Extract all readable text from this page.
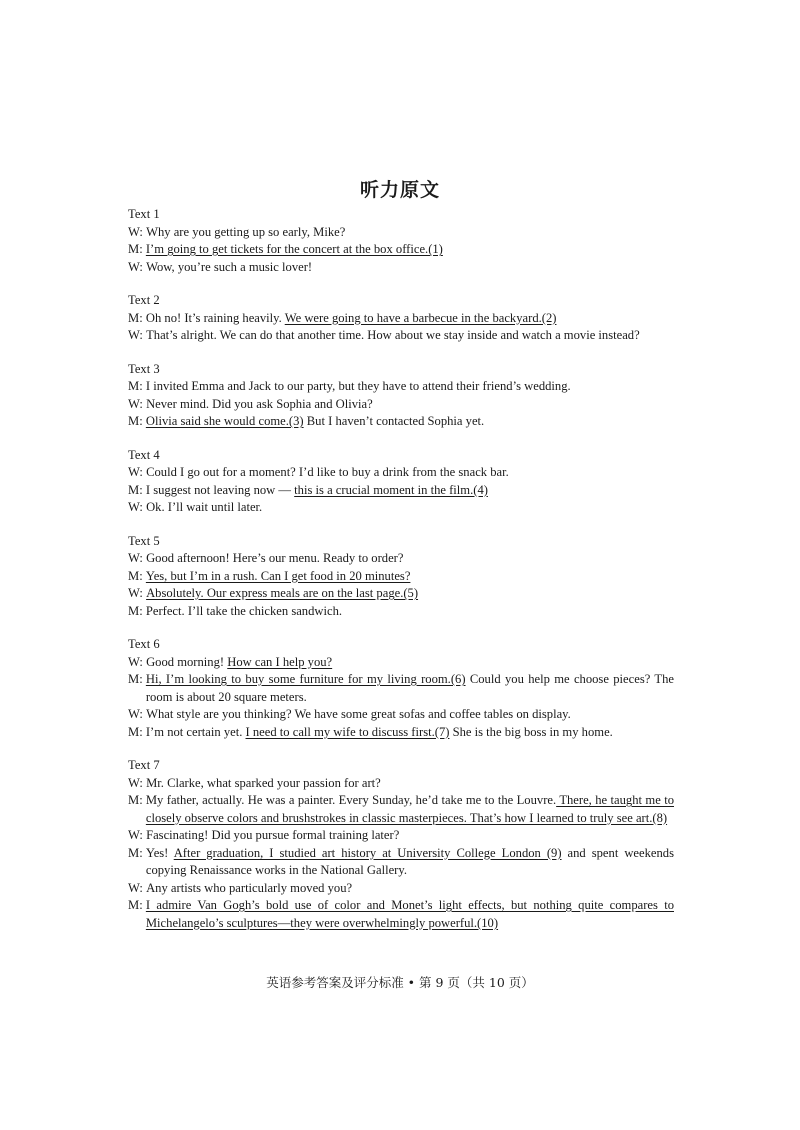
听力原文

Text 1

W: Why are you getting up so early, Mike?
M: I’m going to get tickets for the concert at the box office.(1)
W: Wow, you’re such a music lover!

Text 2

M: Oh no! It’s raining heavily. We were going to have a barbecue in the backyard.(2)
W: That’s alright. We can do that another time. How about we stay inside and watch a movie instead?

Text 3

M: I invited Emma and Jack to our party, but they have to attend their friend’s wedding.
W: Never mind. Did you ask Sophia and Olivia?
M: Olivia said she would come.(3) But I haven’t contacted Sophia yet.

Text 4

W: Could I go out for a moment? I’d like to buy a drink from the snack bar.
M: I suggest not leaving now — this is a crucial moment in the film.(4)
W: Ok. I’ll wait until later.

Text 5

W: Good afternoon! Here’s our menu. Ready to order?
M: Yes, but I’m in a rush. Can I get food in 20 minutes?
W: Absolutely. Our express meals are on the last page.(5)
M: Perfect. I’ll take the chicken sandwich.

Text 6

W: Good morning! How can I help you?
M: Hi, I’m looking to buy some furniture for my living room.(6) Could you help me choose pieces? The room is about 20 square meters.
W: What style are you thinking? We have some great sofas and coffee tables on display.
M: I’m not certain yet. I need to call my wife to discuss first.(7) She is the big boss in my home.

Text 7

W: Mr. Clarke, what sparked your passion for art?
M: My father, actually. He was a painter. Every Sunday, he’d take me to the Louvre. There, he taught me to closely observe colors and brushstrokes in classic masterpieces. That’s how I learned to truly see art.(8)
W: Fascinating! Did you pursue formal training later?
M: Yes! After graduation, I studied art history at University College London (9) and spent weekends copying Renaissance works in the National Gallery.
W: Any artists who particularly moved you?
M: I admire Van Gogh’s bold use of color and Monet’s light effects, but nothing quite compares to Michelangelo’s sculptures—they were overwhelmingly powerful.(10)
英语参考答案及评分标准 • 第 9 页（共 10 页）
